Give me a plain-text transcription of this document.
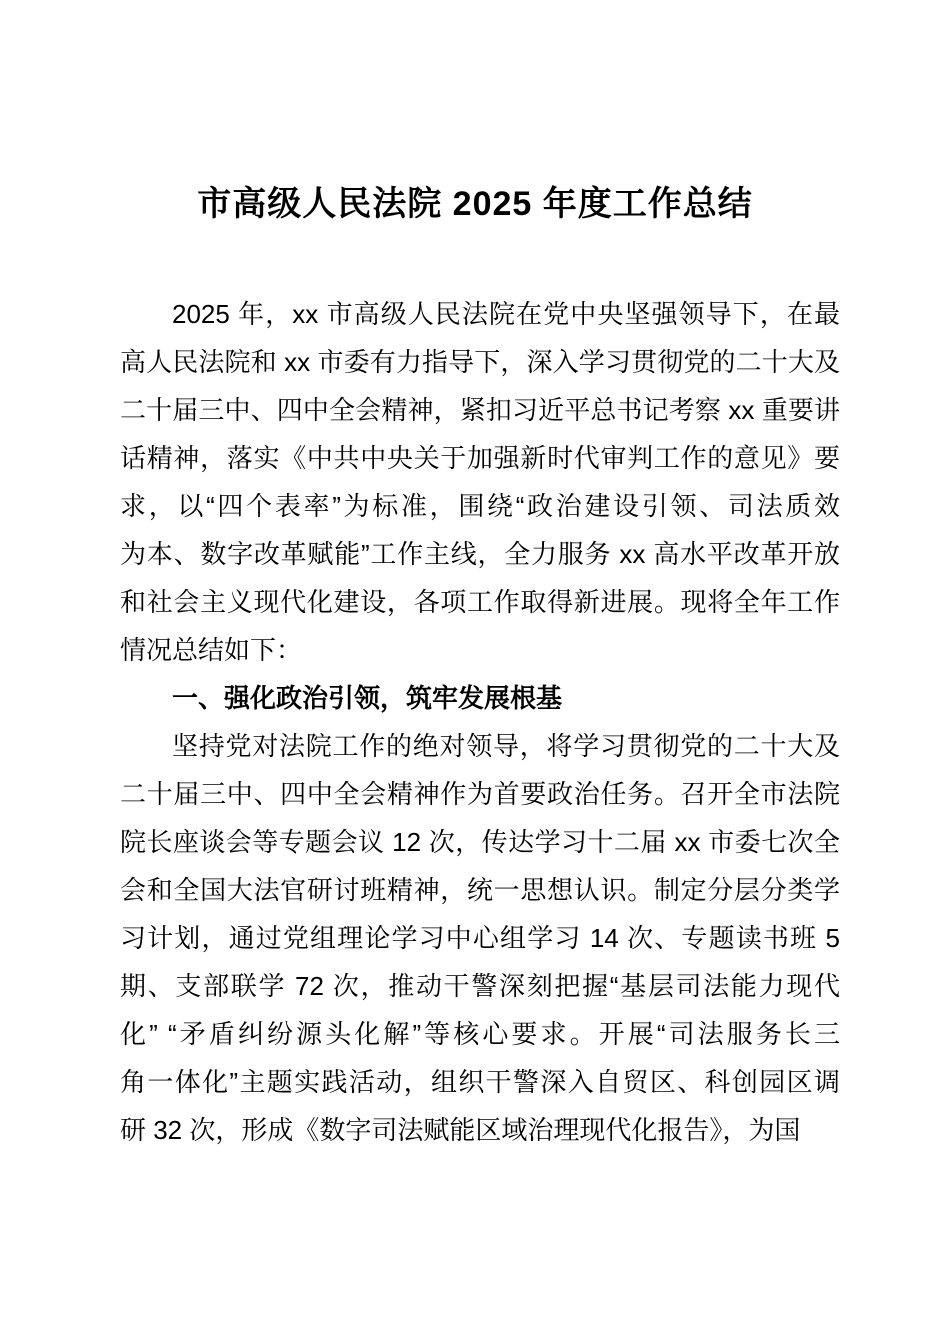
市高级人民法院 2025 年度工作总结

2025 年，xx 市高级人民法院在党中央坚强领导下，在最
高人民法院和 xx 市委有力指导下，深入学习贯彻党的二十大及
二十届三中、四中全会精神，紧扣习近平总书记考察 xx 重要讲
话精神，落实《中共中央关于加强新时代审判工作的意见》要
求，以“四个表率”为标准，围绕“政治建设引领、司法质效
为本、数字改革赋能”工作主线，全力服务 xx 高水平改革开放
和社会主义现代化建设，各项工作取得新进展。现将全年工作
情况总结如下：

一、强化政治引领，筑牢发展根基

坚持党对法院工作的绝对领导，将学习贯彻党的二十大及
二十届三中、四中全会精神作为首要政治任务。召开全市法院
院长座谈会等专题会议 12 次，传达学习十二届 xx 市委七次全
会和全国大法官研讨班精神，统一思想认识。制定分层分类学
习计划，通过党组理论学习中心组学习 14 次、专题读书班 5
期、支部联学 72 次，推动干警深刻把握“基层司法能力现代
化” “矛盾纠纷源头化解”等核心要求。开展“司法服务长三
角一体化”主题实践活动，组织干警深入自贸区、科创园区调
研 32 次，形成《数字司法赋能区域治理现代化报告》，为国
